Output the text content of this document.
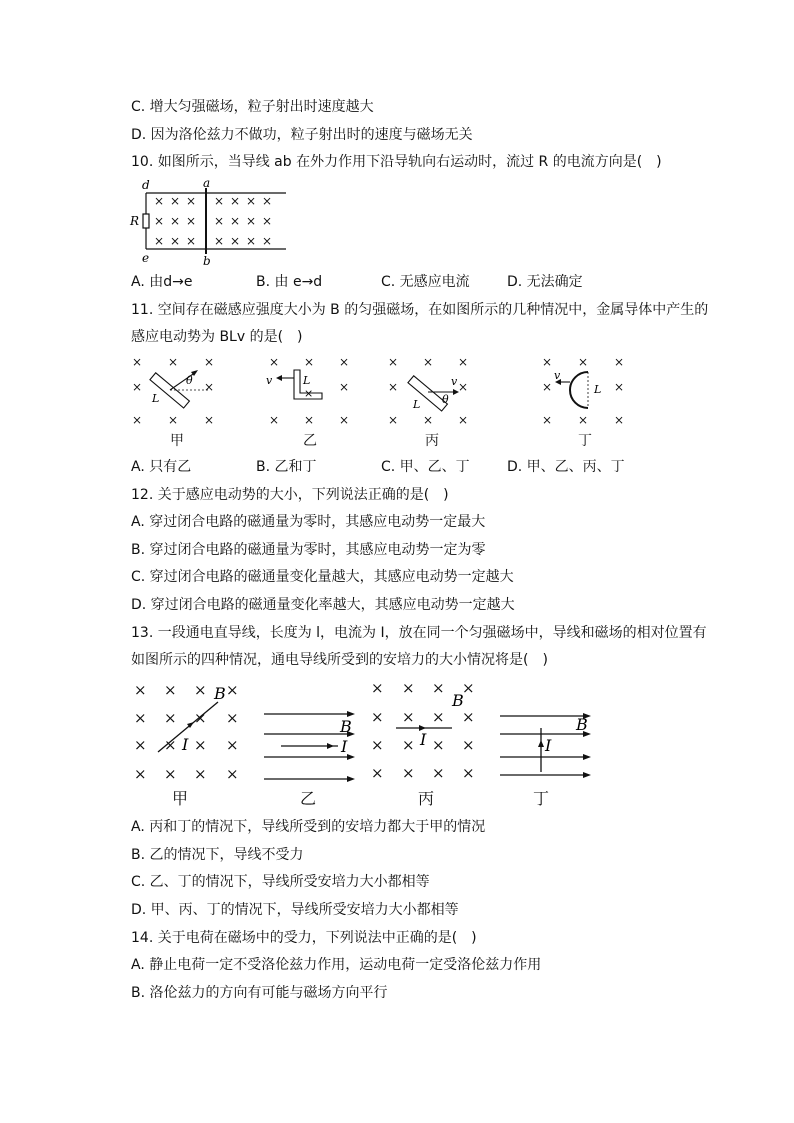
C. 增大匀强磁场，粒子射出时速度越大
D. 因为洛伦兹力不做功，粒子射出时的速度与磁场无关
10. 如图所示，当导线 ab 在外力作用下沿导轨向右运动时，流过 R 的电流方向是(　)
× × × × × × ×
× × × × × × ×
× × × × × × ×
d	a
R
e	b
A. 由d→e	B. 由 e→d	C. 无感应电流	D. 无法确定
11. 空间存在磁感应强度大小为 B 的匀强磁场，在如图所示的几种情况中，金属导体中产生的
感应电动势为 BLv 的是(　)
× × ×
×	×
× × ×
× × ×
×
× × ×
× × ×
×	×
× × ×
× × ×
×	×
× × ×
θ
L
v	L
×
v
θ
L
v
L
甲	乙	丙	丁
A. 只有乙	B. 乙和丁	C. 甲、乙、丁	D. 甲、乙、丙、丁
12. 关于感应电动势的大小，下列说法正确的是(　)
A. 穿过闭合电路的磁通量为零时，其感应电动势一定最大
B. 穿过闭合电路的磁通量为零时，其感应电动势一定为零
C. 穿过闭合电路的磁通量变化量越大，其感应电动势一定越大
D. 穿过闭合电路的磁通量变化率越大，其感应电动势一定越大
13. 一段通电直导线，长度为 l，电流为 I，放在同一个匀强磁场中，导线和磁场的相对位置有
如图所示的四种情况，通电导线所受到的安培力的大小情况将是(　)
× × × ×
× × × ×
× × × ×
× × × ×
× × × ×
× × × ×
× × × ×
× × × ×
B
I
B
I
B
I
B
I
甲	乙	丙	丁
A. 丙和丁的情况下，导线所受到的安培力都大于甲的情况
B. 乙的情况下，导线不受力
C. 乙、丁的情况下，导线所受安培力大小都相等
D. 甲、丙、丁的情况下，导线所受安培力大小都相等
14. 关于电荷在磁场中的受力，下列说法中正确的是(　)
A. 静止电荷一定不受洛伦兹力作用，运动电荷一定受洛伦兹力作用
B. 洛伦兹力的方向有可能与磁场方向平行
